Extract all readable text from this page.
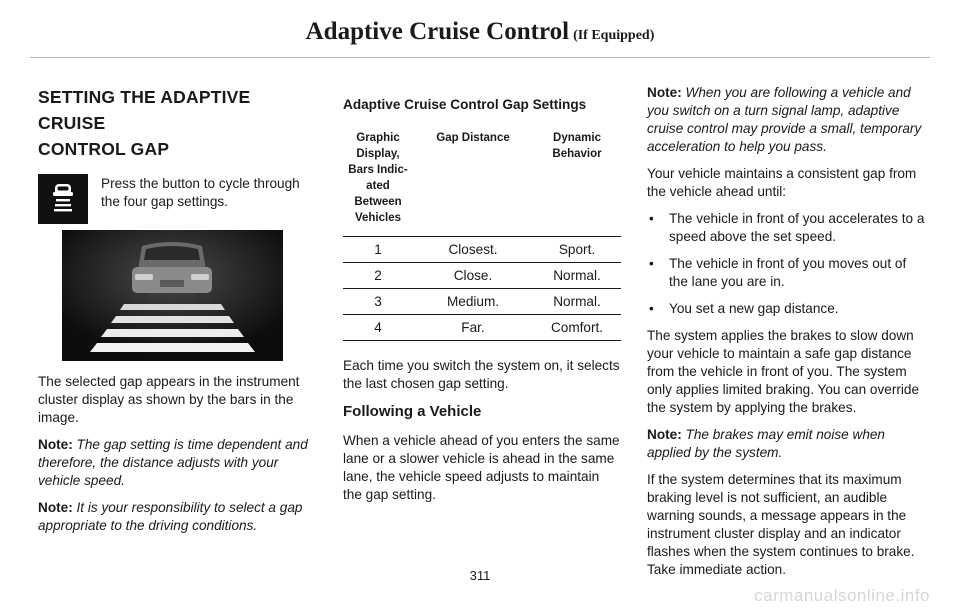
Adaptive Cruise Control (If Equipped)
SETTING THE ADAPTIVE CRUISE
CONTROL GAP

Press the button to cycle through the four gap settings.

The selected gap appears in the instrument cluster display as shown by the bars in the image.

Note: The gap setting is time dependent and therefore, the distance adjusts with your vehicle speed.

Note: It is your responsibility to select a gap appropriate to the driving conditions.

Adaptive Cruise Control Gap Settings
Graphic Display, Bars Indic- ated Between Vehicles	Gap Distance	Dynamic Behavior
1	Closest.	Sport.
2	Close.	Normal.
3	Medium.	Normal.
4	Far.	Comfort.

Each time you switch the system on, it selects the last chosen gap setting.

Following a Vehicle

When a vehicle ahead of you enters the same lane or a slower vehicle is ahead in the same lane, the vehicle speed adjusts to maintain the gap setting.

Note: When you are following a vehicle and you switch on a turn signal lamp, adaptive cruise control may provide a small, temporary acceleration to help you pass.

Your vehicle maintains a consistent gap from the vehicle ahead until:

• The vehicle in front of you accelerates to a speed above the set speed.
• The vehicle in front of you moves out of the lane you are in.
• You set a new gap distance.

The system applies the brakes to slow down your vehicle to maintain a safe gap distance from the vehicle in front of you. The system only applies limited braking. You can override the system by applying the brakes.

Note: The brakes may emit noise when applied by the system.

If the system determines that its maximum braking level is not sufficient, an audible warning sounds, a message appears in the instrument cluster display and an indicator flashes when the system continues to brake. Take immediate action.

311
carmanualsonline.info
